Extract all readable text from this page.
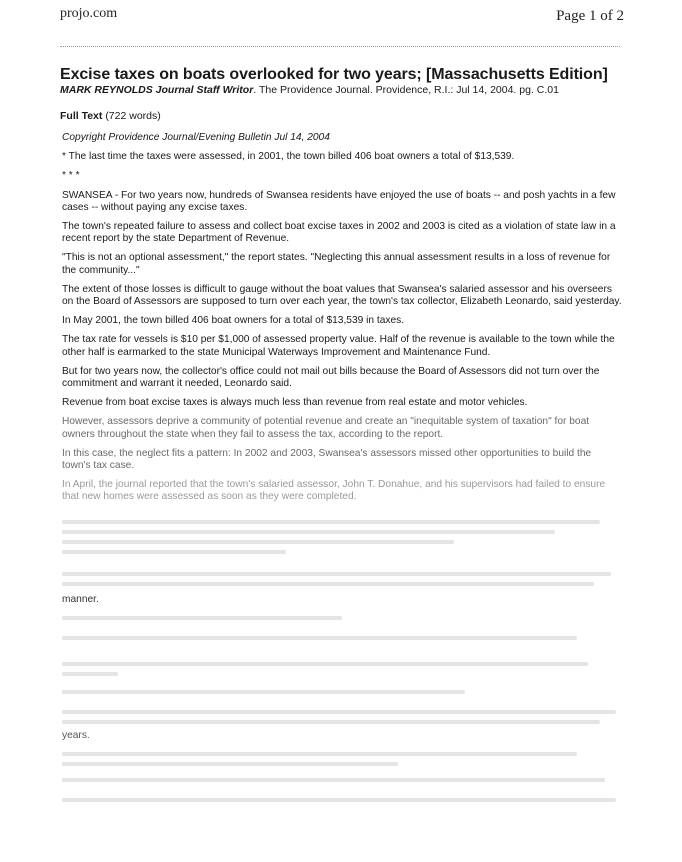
projo.com	Page 1 of 2
Excise taxes on boats overlooked for two years; [Massachusetts Edition]
MARK REYNOLDS Journal Staff Writor. The Providence Journal. Providence, R.I.: Jul 14, 2004. pg. C.01
Full Text (722 words)

Copyright Providence Journal/Evening Bulletin Jul 14, 2004

* The last time the taxes were assessed, in 2001, the town billed 406 boat owners a total of $13,539.

* * *

SWANSEA - For two years now, hundreds of Swansea residents have enjoyed the use of boats -- and posh yachts in a few cases -- without paying any excise taxes.

The town's repeated failure to assess and collect boat excise taxes in 2002 and 2003 is cited as a violation of state law in a recent report by the state Department of Revenue.

"This is not an optional assessment," the report states. "Neglecting this annual assessment results in a loss of revenue for the community..."

The extent of those losses is difficult to gauge without the boat values that Swansea's salaried assessor and his overseers on the Board of Assessors are supposed to turn over each year, the town's tax collector, Elizabeth Leonardo, said yesterday.

In May 2001, the town billed 406 boat owners for a total of $13,539 in taxes.

The tax rate for vessels is $10 per $1,000 of assessed property value. Half of the revenue is available to the town while the other half is earmarked to the state Municipal Waterways Improvement and Maintenance Fund.

But for two years now, the collector's office could not mail out bills because the Board of Assessors did not turn over the commitment and warrant it needed, Leonardo said.

Revenue from boat excise taxes is always much less than revenue from real estate and motor vehicles.

However, assessors deprive a community of potential revenue and create an "inequitable system of taxation" for boat owners throughout the state when they fail to assess the tax, according to the report.

In this case, the neglect fits a pattern: In 2002 and 2003, Swansea's assessors missed other opportunities to build the town's tax case.

In April, the journal reported that the town's salaried assessor, John T. Donahue, and his supervisors had failed to ensure that new homes were assessed as soon as they were completed.

manner.
years.
